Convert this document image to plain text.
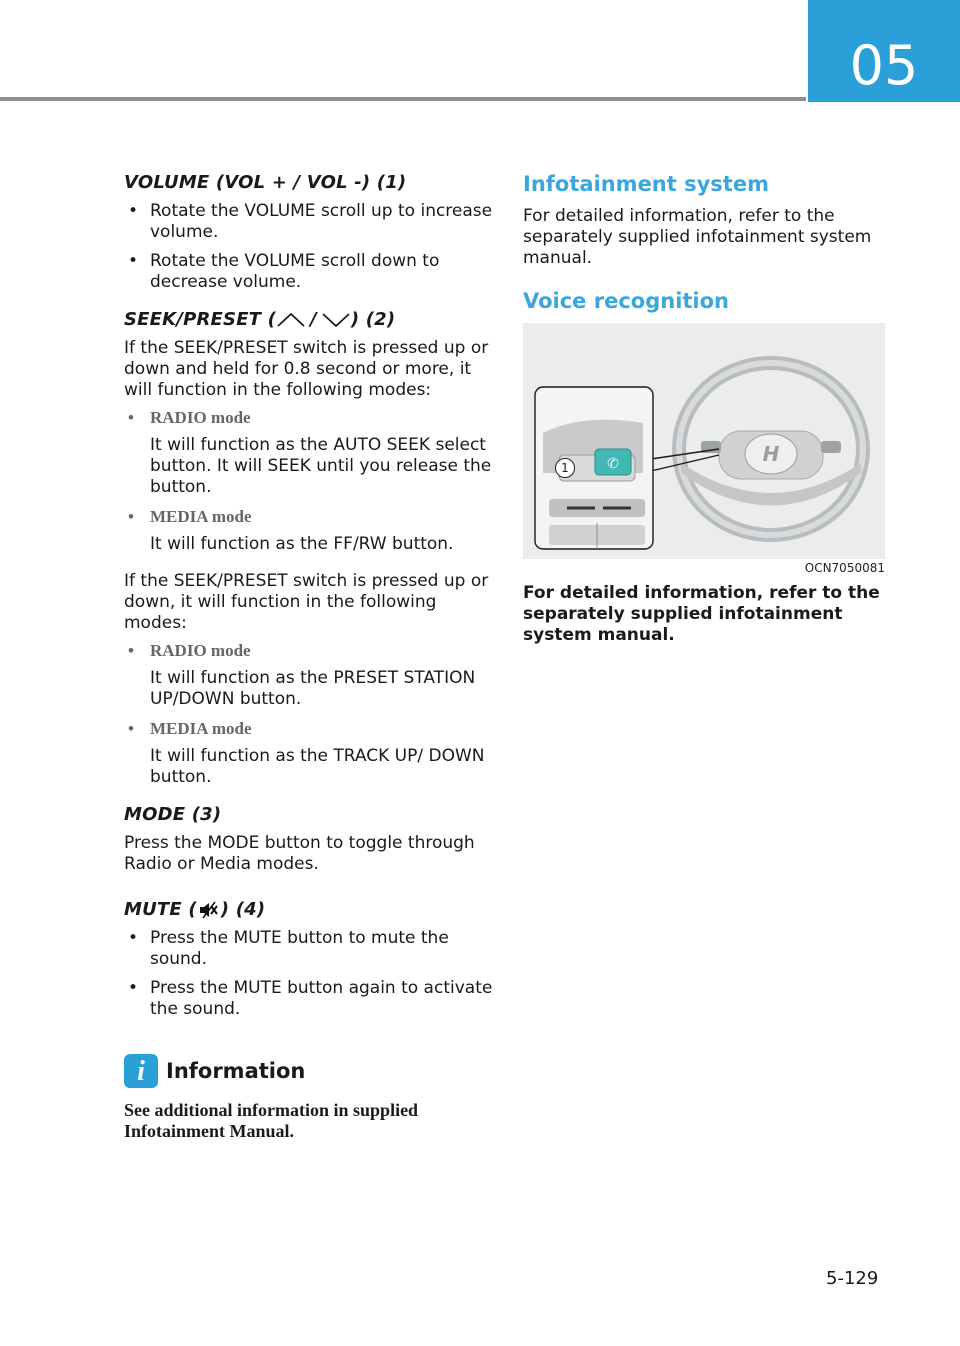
05
VOLUME (VOL + / VOL -) (1)
• Rotate the VOLUME scroll up to increase volume.
• Rotate the VOLUME scroll down to decrease volume.
SEEK/PRESET ( / ) (2)

If the SEEK/PRESET switch is pressed up or down and held for 0.8 second or more, it will function in the following modes:

• RADIO mode
It will function as the AUTO SEEK select button. It will SEEK until you release the button.
• MEDIA mode
It will function as the FF/RW button.

If the SEEK/PRESET switch is pressed up or down, it will function in the following modes:

• RADIO mode
It will function as the PRESET STATION UP/DOWN button.
• MEDIA mode
It will function as the TRACK UP/ DOWN button.
MODE (3)

Press the MODE button to toggle through Radio or Media modes.

MUTE ( ) (4)
• Press the MUTE button to mute the sound.
• Press the MUTE button again to activate the sound.
i	Information
See additional information in supplied Infotainment Manual.
Infotainment system

For detailed information, refer to the separately supplied infotainment system manual.

Voice recognition
H
✆
1
OCN7050081
For detailed information, refer to the separately supplied infotainment system manual.
5-129
